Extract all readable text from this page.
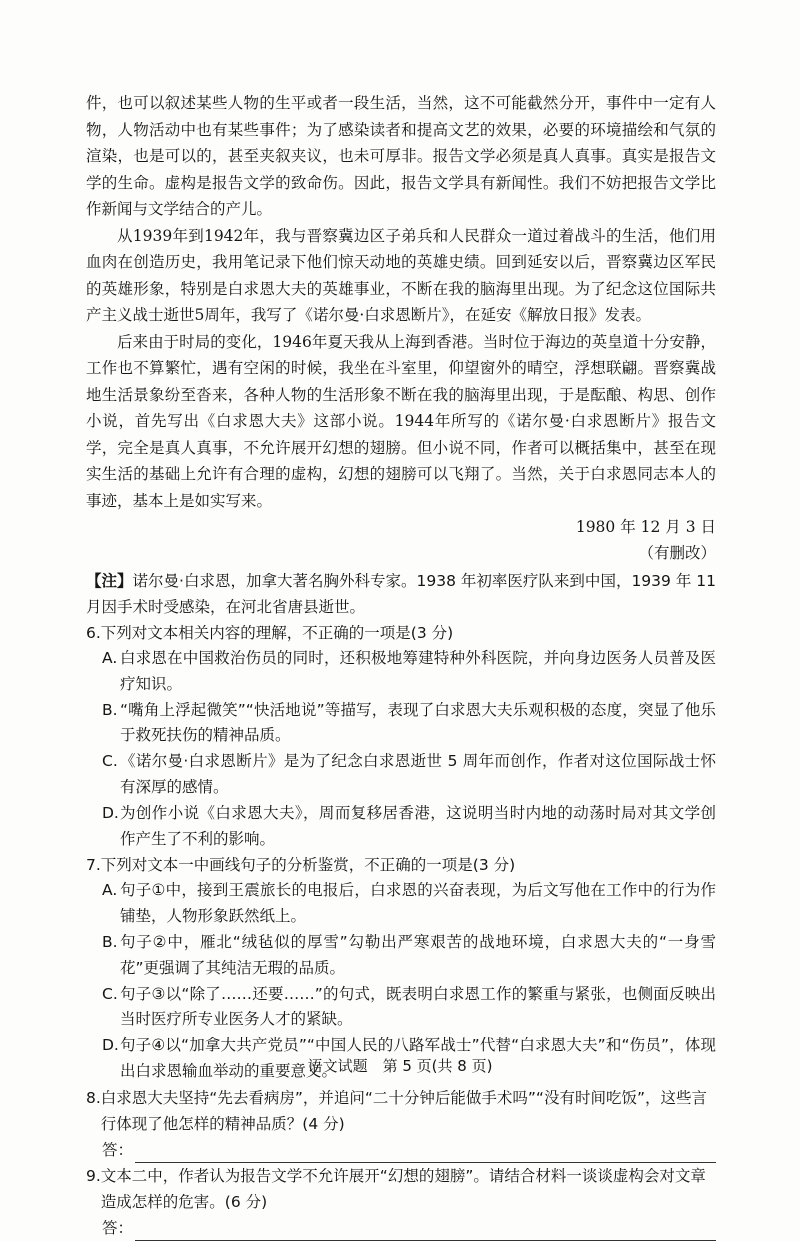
件，也可以叙述某些人物的生平或者一段生活，当然，这不可能截然分开，事件中一定有人物，人物活动中也有某些事件；为了感染读者和提高文艺的效果，必要的环境描绘和气氛的渲染，也是可以的，甚至夹叙夹议，也未可厚非。报告文学必须是真人真事。真实是报告文学的生命。虚构是报告文学的致命伤。因此，报告文学具有新闻性。我们不妨把报告文学比作新闻与文学结合的产儿。

从1939年到1942年，我与晋察冀边区子弟兵和人民群众一道过着战斗的生活，他们用血肉在创造历史，我用笔记录下他们惊天动地的英雄史绩。回到延安以后，晋察冀边区军民的英雄形象，特别是白求恩大夫的英雄事业，不断在我的脑海里出现。为了纪念这位国际共产主义战士逝世5周年，我写了《诺尔曼·白求恩断片》，在延安《解放日报》发表。

后来由于时局的变化，1946年夏天我从上海到香港。当时位于海边的英皇道十分安静，工作也不算繁忙，遇有空闲的时候，我坐在斗室里，仰望窗外的晴空，浮想联翩。晋察冀战地生活景象纷至沓来，各种人物的生活形象不断在我的脑海里出现，于是酝酿、构思、创作小说，首先写出《白求恩大夫》这部小说。1944年所写的《诺尔曼·白求恩断片》报告文学，完全是真人真事，不允许展开幻想的翅膀。但小说不同，作者可以概括集中，甚至在现实生活的基础上允许有合理的虚构，幻想的翅膀可以飞翔了。当然，关于白求恩同志本人的事迹，基本上是如实写来。

1980 年 12 月 3 日

（有删改）

【注】诺尔曼·白求恩，加拿大著名胸外科专家。1938 年初率医疗队来到中国，1939 年 11 月因手术时受感染，在河北省唐县逝世。

6. 下列对文本相关内容的理解，不正确的一项是(3 分)
A. 白求恩在中国救治伤员的同时，还积极地筹建特种外科医院，并向身边医务人员普及医疗知识。
B. “嘴角上浮起微笑”“快活地说”等描写，表现了白求恩大夫乐观积极的态度，突显了他乐于救死扶伤的精神品质。
C. 《诺尔曼·白求恩断片》是为了纪念白求恩逝世 5 周年而创作，作者对这位国际战士怀有深厚的感情。
D. 为创作小说《白求恩大夫》，周而复移居香港，这说明当时内地的动荡时局对其文学创作产生了不利的影响。
7. 下列对文本一中画线句子的分析鉴赏，不正确的一项是(3 分)
A. 句子①中，接到王震旅长的电报后，白求恩的兴奋表现，为后文写他在工作中的行为作铺垫，人物形象跃然纸上。
B. 句子②中，雁北“绒毡似的厚雪”勾勒出严寒艰苦的战地环境，白求恩大夫的“一身雪花”更强调了其纯洁无瑕的品质。
C. 句子③以“除了……还要……”的句式，既表明白求恩工作的繁重与紧张，也侧面反映出当时医疗所专业医务人才的紧缺。
D. 句子④以“加拿大共产党员”“中国人民的八路军战士”代替“白求恩大夫”和“伤员”，体现出白求恩输血举动的重要意义。
8. 白求恩大夫坚持“先去看病房”，并追问“二十分钟后能做手术吗”“没有时间吃饭”，这些言行体现了他怎样的精神品质？(4 分)
答：
9. 文本二中，作者认为报告文学不允许展开“幻想的翅膀”。请结合材料一谈谈虚构会对文章造成怎样的危害。(6 分)
答：
语文试题　第 5 页(共 8 页)
